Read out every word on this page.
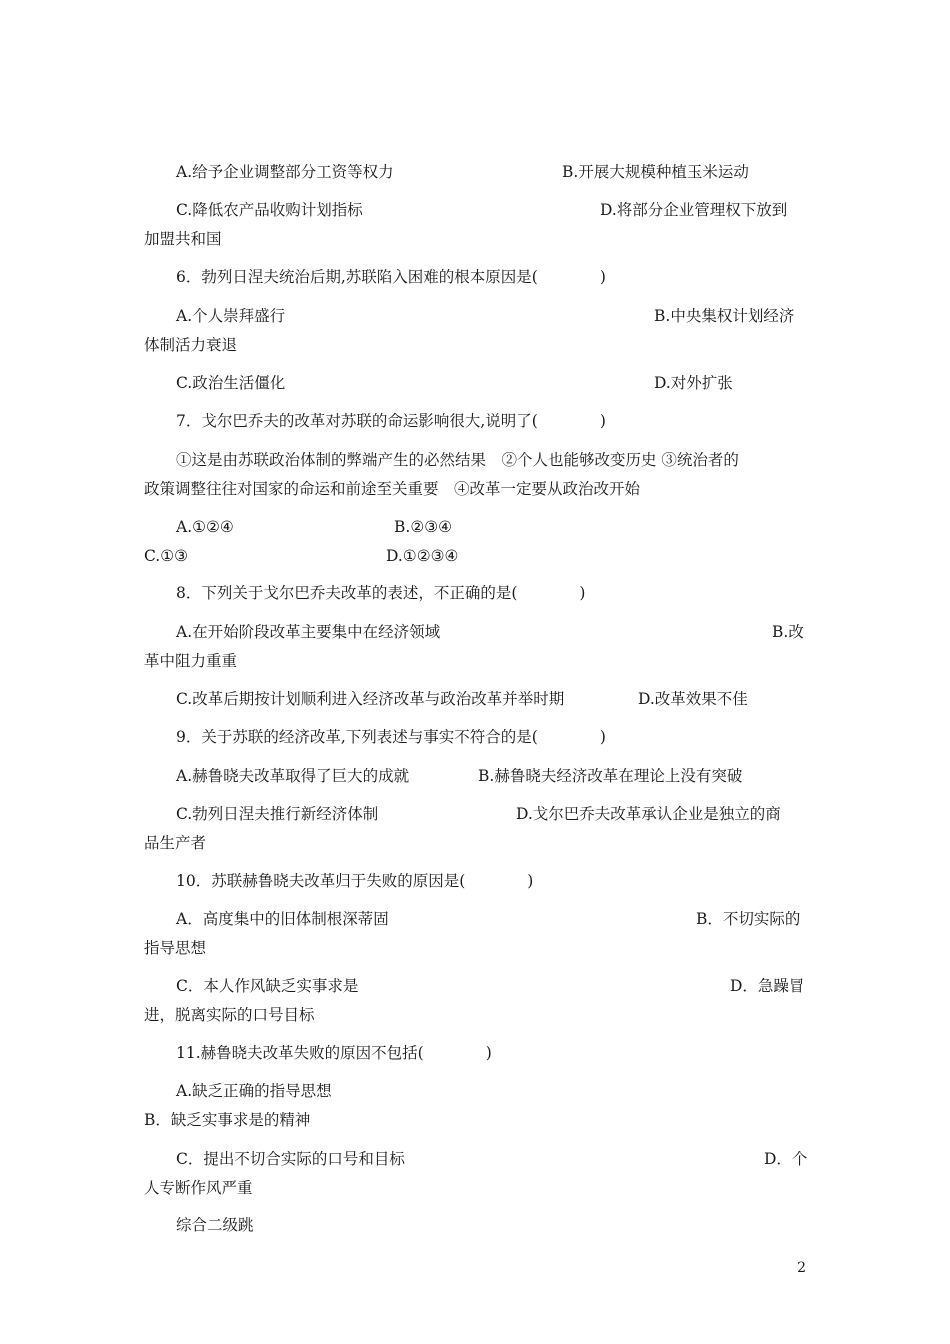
A.给予企业调整部分工资等权力	B.开展大规模种植玉米运动
C.降低农产品收购计划指标	D.将部分企业管理权下放到
加盟共和国
6．勃列日涅夫统治后期,苏联陷入困难的根本原因是(　　　　)
A.个人崇拜盛行	B.中央集权计划经济
体制活力衰退
C.政治生活僵化	D.对外扩张
7．戈尔巴乔夫的改革对苏联的命运影响很大,说明了(　　　　)
①这是由苏联政治体制的弊端产生的必然结果　②个人也能够改变历史 ③统治者的
政策调整往往对国家的命运和前途至关重要　④改革一定要从政治改开始
A.①②④	B.②③④
C.①③	D.①②③④
8．下列关于戈尔巴乔夫改革的表述，不正确的是(　　　　)
A.在开始阶段改革主要集中在经济领域	B.改
革中阻力重重
C.改革后期按计划顺利进入经济改革与政治改革并举时期	D.改革效果不佳
9．关于苏联的经济改革,下列表述与事实不符合的是(　　　　)
A.赫鲁晓夫改革取得了巨大的成就	B.赫鲁晓夫经济改革在理论上没有突破
C.勃列日涅夫推行新经济体制	D.戈尔巴乔夫改革承认企业是独立的商
品生产者
10．苏联赫鲁晓夫改革归于失败的原因是(　　　　)
A．高度集中的旧体制根深蒂固	B．不切实际的
指导思想
C．本人作风缺乏实事求是	D．急躁冒
进，脱离实际的口号目标
11.赫鲁晓夫改革失败的原因不包括(　　　　)
A.缺乏正确的指导思想
B．缺乏实事求是的精神
C．提出不切合实际的口号和目标	D．个
人专断作风严重
综合二级跳
2
